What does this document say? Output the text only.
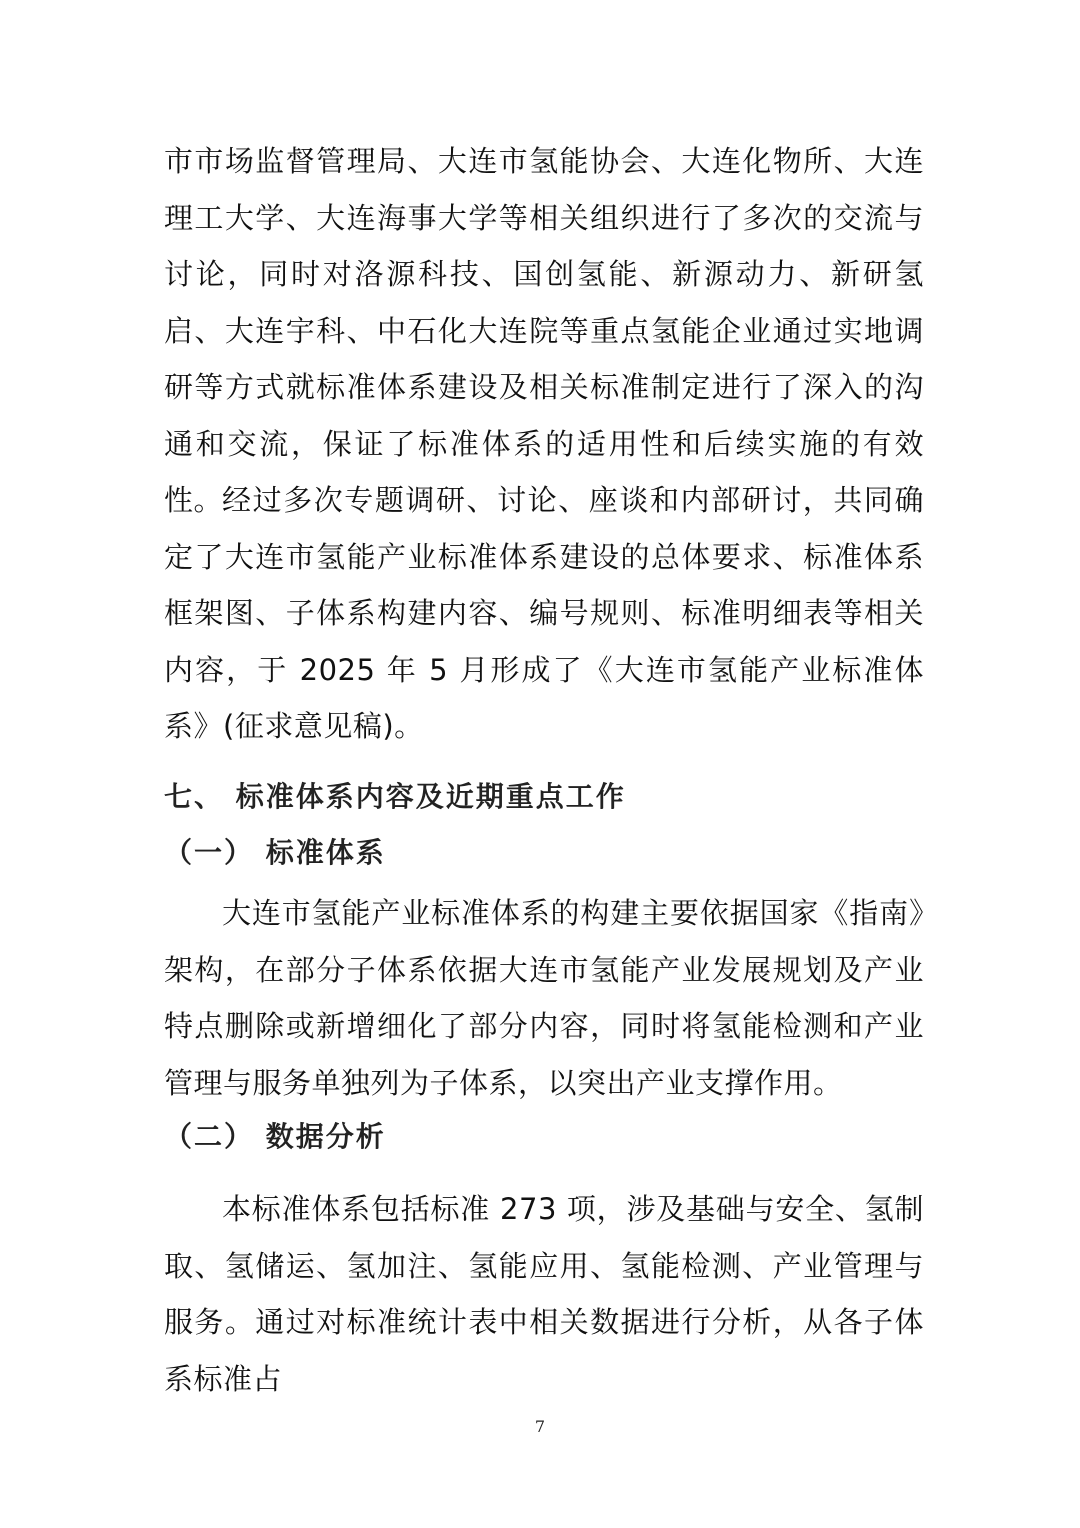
市市场监督管理局、大连市氢能协会、大连化物所、大连理工大学、大连海事大学等相关组织进行了多次的交流与讨论，同时对洛源科技、国创氢能、新源动力、新研氢启、大连宇科、中石化大连院等重点氢能企业通过实地调研等方式就标准体系建设及相关标准制定进行了深入的沟通和交流，保证了标准体系的适用性和后续实施的有效性。

经过多次专题调研、讨论、座谈和内部研讨，共同确定了大连市氢能产业标准体系建设的总体要求、标准体系框架图、子体系构建内容、编号规则、标准明细表等相关内容，于 2025 年 5 月形成了《大连市氢能产业标准体系》(征求意见稿)。

七、 标准体系内容及近期重点工作
（一） 标准体系

大连市氢能产业标准体系的构建主要依据国家《指南》架构，在部分子体系依据大连市氢能产业发展规划及产业特点删除或新增细化了部分内容，同时将氢能检测和产业管理与服务单独列为子体系，以突出产业支撑作用。

（二） 数据分析

本标准体系包括标准 273 项，涉及基础与安全、氢制取、氢储运、氢加注、氢能应用、氢能检测、产业管理与服务。通过对标准统计表中相关数据进行分析，从各子体系标准占

7
